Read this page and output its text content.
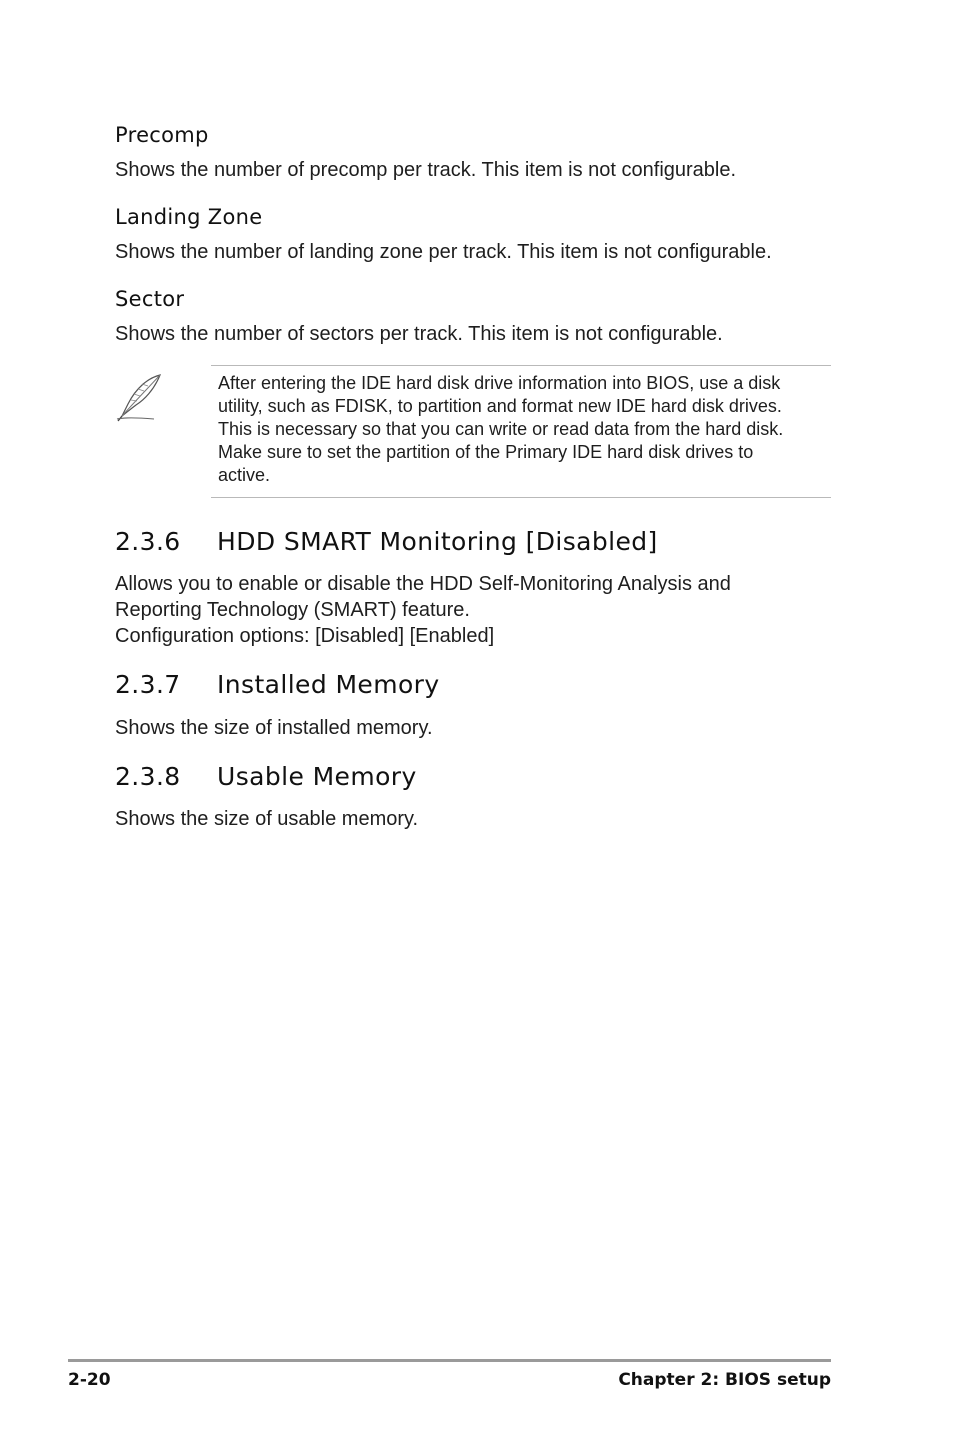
Precomp
Shows the number of precomp per track. This item is not configurable.
Landing Zone
Shows the number of landing zone per track. This item is not configurable.
Sector
Shows the number of sectors per track. This item is not configurable.
After entering the IDE hard disk drive information into BIOS, use a disk
utility, such as FDISK, to partition and format new IDE hard disk drives.
This is necessary so that you can write or read data from the hard disk.
Make sure to set the partition of the Primary IDE hard disk drives to
active.
2.3.6 HDD SMART Monitoring [Disabled]
Allows you to enable or disable the HDD Self-Monitoring Analysis and
Reporting Technology (SMART) feature.
Configuration options: [Disabled] [Enabled]
2.3.7 Installed Memory
Shows the size of installed memory.
2.3.8 Usable Memory
Shows the size of usable memory.
2-20	Chapter 2: BIOS setup
